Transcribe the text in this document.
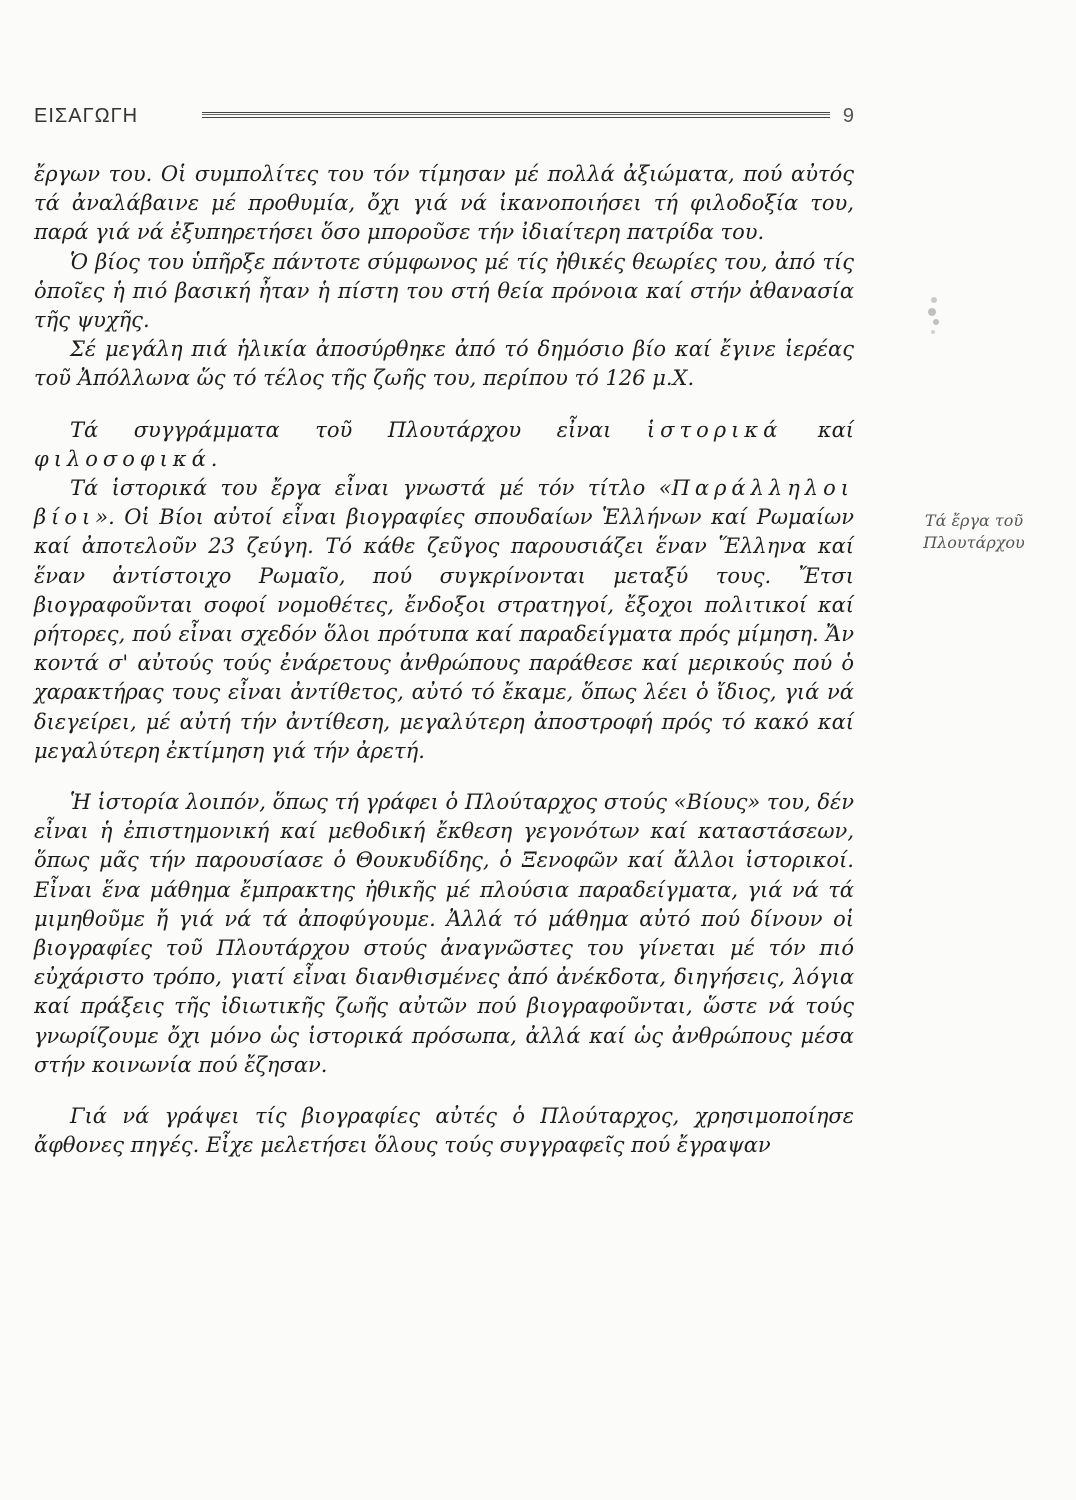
ΕΙΣΑΓΩΓΗ	9

ἔργων του. Οἱ συμπολίτες του τόν τίμησαν μέ πολλά ἀξιώματα, πού αὐτός τά ἀναλάβαινε μέ προθυμία, ὄχι γιά νά ἱκανοποιήσει τή φιλοδοξία του, παρά γιά νά ἐξυπηρετήσει ὅσο μποροῦσε τήν ἰδιαίτερη πατρίδα του.

Ὁ βίος του ὑπῆρξε πάντοτε σύμφωνος μέ τίς ἠθικές θεωρίες του, ἀπό τίς ὁποῖες ἡ πιό βασική ἦταν ἡ πίστη του στή θεία πρόνοια καί στήν ἀθανασία τῆς ψυχῆς.

Σέ μεγάλη πιά ἡλικία ἀποσύρθηκε ἀπό τό δημόσιο βίο καί ἔγινε ἱερέας τοῦ Ἀπόλλωνα ὥς τό τέλος τῆς ζωῆς του, περίπου τό 126 μ.Χ.

Τά συγγράμματα τοῦ Πλουτάρχου εἶναι ἱστορικά καί φιλοσοφικά.

Τά ἱστορικά του ἔργα εἶναι γνωστά μέ τόν τίτλο «Παράλληλοι βίοι». Οἱ Βίοι αὐτοί εἶναι βιογραφίες σπουδαίων Ἑλλήνων καί Ρωμαίων καί ἀποτελοῦν 23 ζεύγη. Τό κάθε ζεῦγος παρουσιάζει ἕναν Ἕλληνα καί ἕναν ἀντίστοιχο Ρωμαῖο, πού συγκρίνονται μεταξύ τους. Ἔτσι βιογραφοῦνται σοφοί νομοθέτες, ἔνδοξοι στρατηγοί, ἔξοχοι πολιτικοί καί ρήτορες, πού εἶναι σχεδόν ὅλοι πρότυπα καί παραδείγματα πρός μίμηση. Ἄν κοντά σ' αὐτούς τούς ἐνάρετους ἀνθρώπους παράθεσε καί μερικούς πού ὁ χαρακτήρας τους εἶναι ἀντίθετος, αὐτό τό ἔκαμε, ὅπως λέει ὁ ἴδιος, γιά νά διεγείρει, μέ αὐτή τήν ἀντίθεση, μεγαλύτερη ἀποστροφή πρός τό κακό καί μεγαλύτερη ἐκτίμηση γιά τήν ἀρετή.

Ἡ ἱστορία λοιπόν, ὅπως τή γράφει ὁ Πλούταρχος στούς «Βίους» του, δέν εἶναι ἡ ἐπιστημονική καί μεθοδική ἔκθεση γεγονότων καί καταστάσεων, ὅπως μᾶς τήν παρουσίασε ὁ Θουκυδίδης, ὁ Ξενοφῶν καί ἄλλοι ἱστορικοί. Εἶναι ἕνα μάθημα ἔμπρακτης ἠθικῆς μέ πλούσια παραδείγματα, γιά νά τά μιμηθοῦμε ἤ γιά νά τά ἀποφύγουμε. Ἀλλά τό μάθημα αὐτό πού δίνουν οἱ βιογραφίες τοῦ Πλουτάρχου στούς ἀναγνῶστες του γίνεται μέ τόν πιό εὐχάριστο τρόπο, γιατί εἶναι διανθισμένες ἀπό ἀνέκδοτα, διηγήσεις, λόγια καί πράξεις τῆς ἰδιωτικῆς ζωῆς αὐτῶν πού βιογραφοῦνται, ὥστε νά τούς γνωρίζουμε ὄχι μόνο ὡς ἱστορικά πρόσωπα, ἀλλά καί ὡς ἀνθρώπους μέσα στήν κοινωνία πού ἔζησαν.

Γιά νά γράψει τίς βιογραφίες αὐτές ὁ Πλούταρχος, χρησιμοποίησε ἄφθονες πηγές. Εἶχε μελετήσει ὅλους τούς συγγραφεῖς πού ἔγραψαν

Τά ἔργα τοῦ
Πλουτάρχου
